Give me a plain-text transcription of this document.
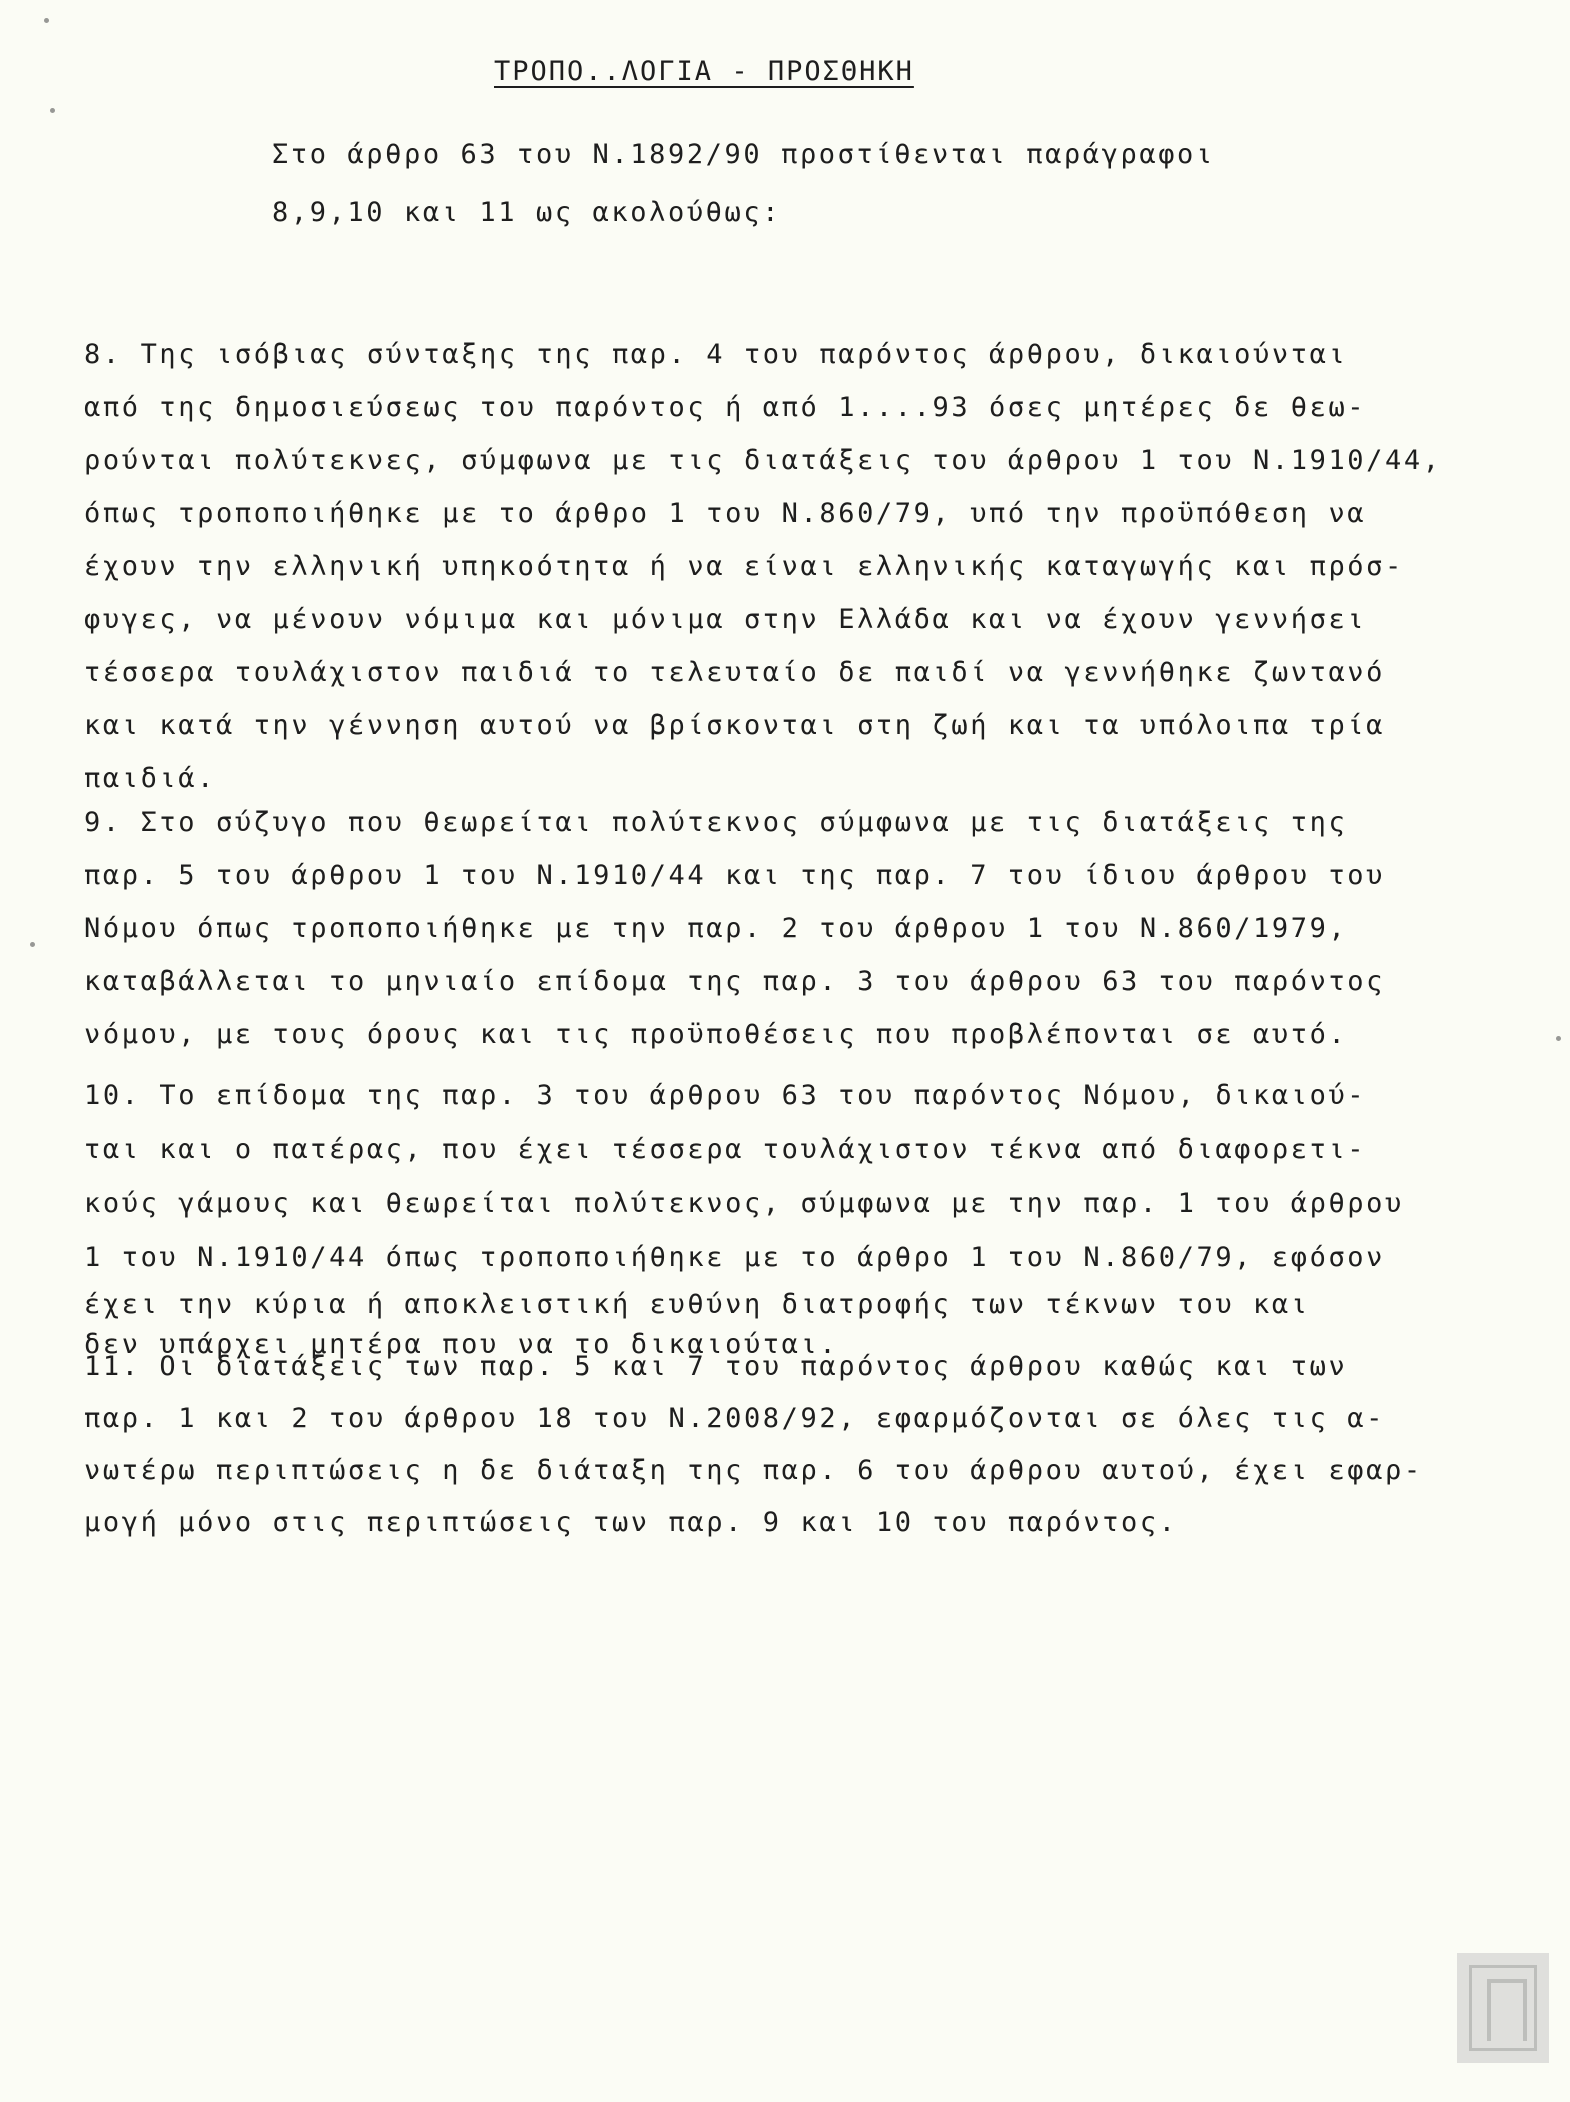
ΤΡΟΠΟ..ΛΟΓΙΑ - ΠΡΟΣΘΗΚΗ
Στο άρθρο 63 του Ν.1892/90 προστίθενται παράγραφοι
8,9,10 και 11 ως ακολούθως:
8. Της ισόβιας σύνταξης της παρ. 4 του παρόντος άρθρου, δικαιούνται
από της δημοσιεύσεως του παρόντος ή από 1....93 όσες μητέρες δε θεω-
ρούνται πολύτεκνες, σύμφωνα με τις διατάξεις του άρθρου 1 του Ν.1910/44,
όπως τροποποιήθηκε με το άρθρο 1 του Ν.860/79, υπό την προϋπόθεση να
έχουν την ελληνική υπηκοότητα ή να είναι ελληνικής καταγωγής και πρόσ-
φυγες, να μένουν νόμιμα και μόνιμα στην Ελλάδα και να έχουν γεννήσει
τέσσερα τουλάχιστον παιδιά το τελευταίο δε παιδί να γεννήθηκε ζωντανό
και κατά την γέννηση αυτού να βρίσκονται στη ζωή και τα υπόλοιπα τρία
παιδιά.
9. Στο σύζυγο που θεωρείται πολύτεκνος σύμφωνα με τις διατάξεις της
παρ. 5 του άρθρου 1 του Ν.1910/44 και της παρ. 7 του ίδιου άρθρου του
Νόμου όπως τροποποιήθηκε με την παρ. 2 του άρθρου 1 του Ν.860/1979,
καταβάλλεται το μηνιαίο επίδομα της παρ. 3 του άρθρου 63 του παρόντος
νόμου, με τους όρους και τις προϋποθέσεις που προβλέπονται σε αυτό.
10. Το επίδομα της παρ. 3 του άρθρου 63 του παρόντος Νόμου, δικαιού-
ται και ο πατέρας, που έχει τέσσερα τουλάχιστον τέκνα από διαφορετι-
κούς γάμους και θεωρείται πολύτεκνος, σύμφωνα με την παρ. 1 του άρθρου
1 του Ν.1910/44 όπως τροποποιήθηκε με το άρθρο 1 του Ν.860/79, εφόσον
έχει την κύρια ή αποκλειστική ευθύνη διατροφής των τέκνων του και
δεν υπάρχει μητέρα που να το δικαιούται.
11. Οι διατάξεις των παρ. 5 και 7 του παρόντος άρθρου καθώς και των
παρ. 1 και 2 του άρθρου 18 του Ν.2008/92, εφαρμόζονται σε όλες τις α-
νωτέρω περιπτώσεις η δε διάταξη της παρ. 6 του άρθρου αυτού, έχει εφαρ-
μογή μόνο στις περιπτώσεις των παρ. 9 και 10 του παρόντος.
